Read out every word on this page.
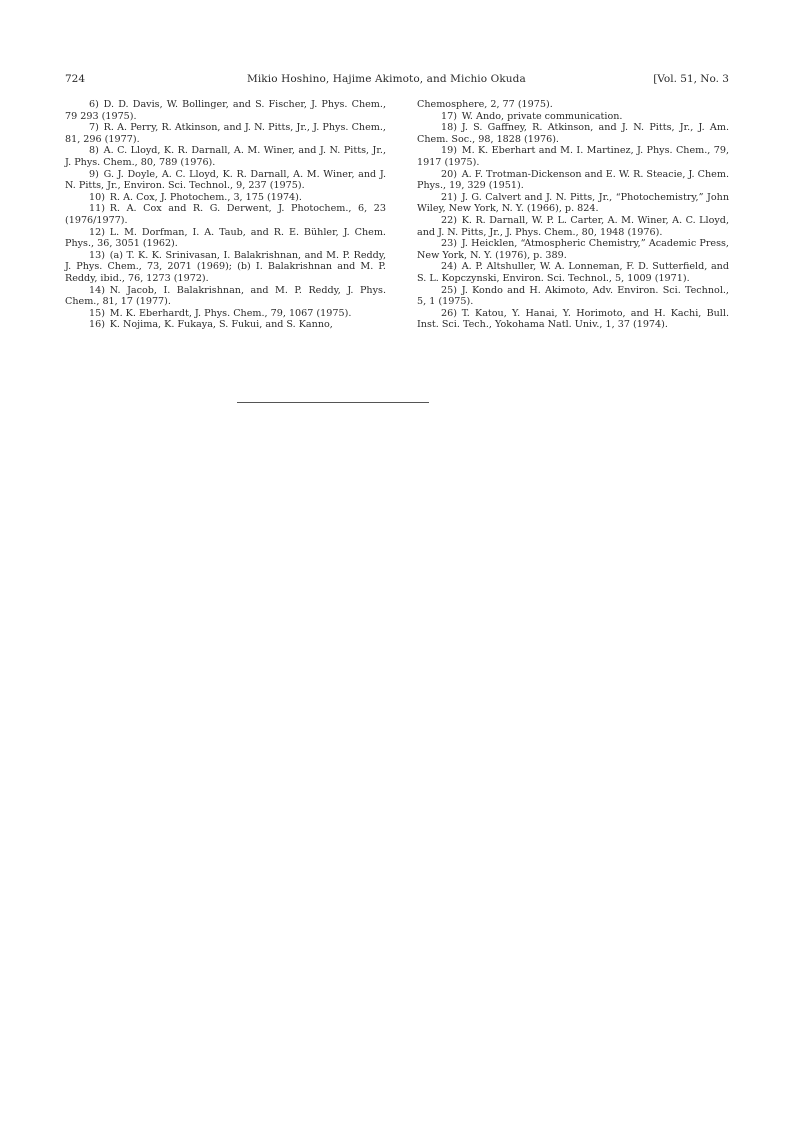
724	Mikio Hoshino, Hajime Akimoto, and Michio Okuda	[Vol. 51, No. 3

6)  D. D. Davis, W. Bollinger, and S. Fischer, J. Phys. Chem., 79 293 (1975).

7)  R. A. Perry, R. Atkinson, and J. N. Pitts, Jr., J. Phys. Chem., 81, 296 (1977).

8)  A. C. Lloyd, K. R. Darnall, A. M. Winer, and J. N. Pitts, Jr., J. Phys. Chem., 80, 789 (1976).

9)  G. J. Doyle, A. C. Lloyd, K. R. Darnall, A. M. Winer, and J. N. Pitts, Jr., Environ. Sci. Technol., 9, 237 (1975).

10)  R. A. Cox, J. Photochem., 3, 175 (1974).

11)  R. A. Cox and R. G. Derwent, J. Photochem., 6, 23 (1976/1977).

12)  L. M. Dorfman, I. A. Taub, and R. E. Bühler, J. Chem. Phys., 36, 3051 (1962).

13)  (a) T. K. K. Srinivasan, I. Balakrishnan, and M. P. Reddy, J. Phys. Chem., 73, 2071 (1969); (b) I. Balakrishnan and M. P. Reddy, ibid., 76, 1273 (1972).

14)  N. Jacob, I. Balakrishnan, and M. P. Reddy, J. Phys. Chem., 81, 17 (1977).

15)  M. K. Eberhardt, J. Phys. Chem., 79, 1067 (1975).

16)  K. Nojima, K. Fukaya, S. Fukui, and S. Kanno,

Chemosphere, 2, 77 (1975).

17)  W. Ando, private communication.

18)  J. S. Gaffney, R. Atkinson, and J. N. Pitts, Jr., J. Am. Chem. Soc., 98, 1828 (1976).

19)  M. K. Eberhart and M. I. Martinez, J. Phys. Chem., 79, 1917 (1975).

20)  A. F. Trotman-Dickenson and E. W. R. Steacie, J. Chem. Phys., 19, 329 (1951).

21)  J. G. Calvert and J. N. Pitts, Jr., “Photochemistry,” John Wiley, New York, N. Y. (1966), p. 824.

22)  K. R. Darnall, W. P. L. Carter, A. M. Winer, A. C. Lloyd, and J. N. Pitts, Jr., J. Phys. Chem., 80, 1948 (1976).

23)  J. Heicklen, “Atmospheric Chemistry,” Academic Press, New York, N. Y. (1976), p. 389.

24)  A. P. Altshuller, W. A. Lonneman, F. D. Sutterfield, and S. L. Kopczynski, Environ. Sci. Technol., 5, 1009 (1971).

25)  J. Kondo and H. Akimoto, Adv. Environ. Sci. Technol., 5, 1 (1975).

26)  T. Katou, Y. Hanai, Y. Horimoto, and H. Kachi, Bull. Inst. Sci. Tech., Yokohama Natl. Univ., 1, 37 (1974).
